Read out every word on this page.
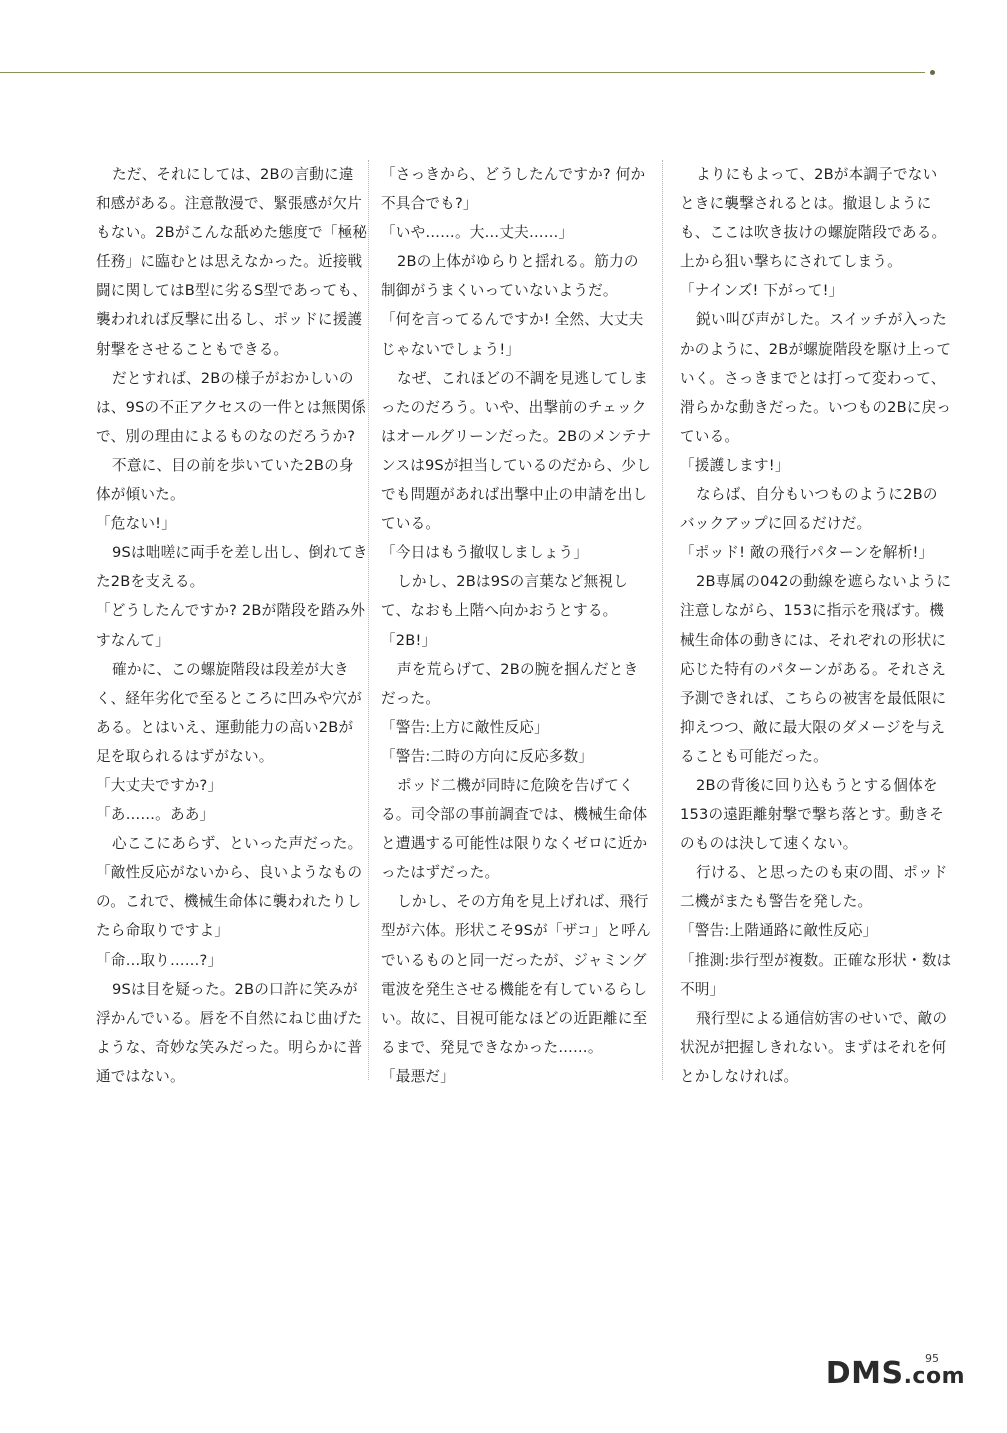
ただ、それにしては、2Bの言動に違和感がある。注意散漫で、緊張感が欠片もない。2Bがこんな舐めた態度で「極秘任務」に臨むとは思えなかった。近接戦闘に関してはB型に劣るS型であっても、襲われれば反撃に出るし、ポッドに援護射撃をさせることもできる。

だとすれば、2Bの様子がおかしいのは、9Sの不正アクセスの一件とは無関係で、別の理由によるものなのだろうか?

不意に、目の前を歩いていた2Bの身体が傾いた。

「危ない!」

9Sは咄嗟に両手を差し出し、倒れてきた2Bを支える。

「どうしたんですか? 2Bが階段を踏み外すなんて」

確かに、この螺旋階段は段差が大きく、経年劣化で至るところに凹みや穴がある。とはいえ、運動能力の高い2Bが足を取られるはずがない。

「大丈夫ですか?」

「あ……。ああ」

心ここにあらず、といった声だった。

「敵性反応がないから、良いようなものの。これで、機械生命体に襲われたりしたら命取りですよ」

「命…取り……?」

9Sは目を疑った。2Bの口許に笑みが浮かんでいる。唇を不自然にねじ曲げたような、奇妙な笑みだった。明らかに普通ではない。

「さっきから、どうしたんですか? 何か不具合でも?」

「いや……。大…丈夫……」

2Bの上体がゆらりと揺れる。筋力の制御がうまくいっていないようだ。

「何を言ってるんですか! 全然、大丈夫じゃないでしょう!」

なぜ、これほどの不調を見逃してしまったのだろう。いや、出撃前のチェックはオールグリーンだった。2Bのメンテナンスは9Sが担当しているのだから、少しでも問題があれば出撃中止の申請を出している。

「今日はもう撤収しましょう」

しかし、2Bは9Sの言葉など無視して、なおも上階へ向かおうとする。

「2B!」

声を荒らげて、2Bの腕を掴んだときだった。

「警告:上方に敵性反応」

「警告:二時の方向に反応多数」

ポッド二機が同時に危険を告げてくる。司令部の事前調査では、機械生命体と遭遇する可能性は限りなくゼロに近かったはずだった。

しかし、その方角を見上げれば、飛行型が六体。形状こそ9Sが「ザコ」と呼んでいるものと同一だったが、ジャミング電波を発生させる機能を有しているらしい。故に、目視可能なほどの近距離に至るまで、発見できなかった……。

「最悪だ」

よりにもよって、2Bが本調子でないときに襲撃されるとは。撤退しようにも、ここは吹き抜けの螺旋階段である。上から狙い撃ちにされてしまう。

「ナインズ! 下がって!」

鋭い叫び声がした。スイッチが入ったかのように、2Bが螺旋階段を駆け上っていく。さっきまでとは打って変わって、滑らかな動きだった。いつもの2Bに戻っている。

「援護します!」

ならば、自分もいつものように2Bのバックアップに回るだけだ。

「ポッド! 敵の飛行パターンを解析!」

2B専属の042の動線を遮らないように注意しながら、153に指示を飛ばす。機械生命体の動きには、それぞれの形状に応じた特有のパターンがある。それさえ予測できれば、こちらの被害を最低限に抑えつつ、敵に最大限のダメージを与えることも可能だった。

2Bの背後に回り込もうとする個体を153の遠距離射撃で撃ち落とす。動きそのものは決して速くない。

行ける、と思ったのも束の間、ポッド二機がまたも警告を発した。

「警告:上階通路に敵性反応」

「推測:歩行型が複数。正確な形状・数は不明」

飛行型による通信妨害のせいで、敵の状況が把握しきれない。まずはそれを何とかしなければ。

95
DMS.com
